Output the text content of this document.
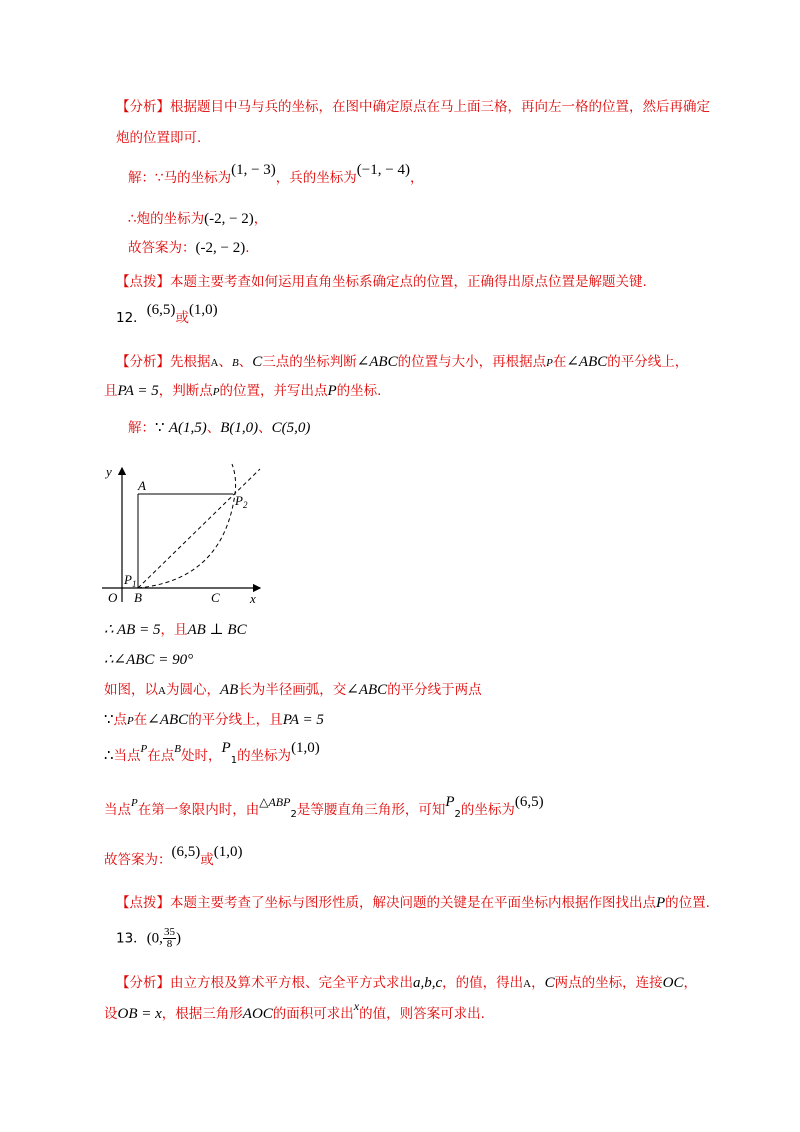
【分析】根据题目中马与兵的坐标，在图中确定原点在马上面三格，再向左一格的位置，然后再确定
炮的位置即可.
解：∵马的坐标为(1, − 3)，兵的坐标为(−1, − 4)，
∴炮的坐标为(-2, − 2)，
故答案为：(-2, − 2).
【点拨】本题主要考查如何运用直角坐标系确定点的位置，正确得出原点位置是解题关键.
12．(6,5)或(1,0)
【分析】先根据A、B、C三点的坐标判断∠ABC的位置与大小，再根据点P在∠ABC的平分线上，
且PA = 5，判断点P的位置，并写出点P的坐标.
解：∵ A(1,5)、B(1,0)、C(5,0)
y
x
A
$P_2$
$P_1$
O B	C
∴ AB = 5，且AB ⊥ BC
∴∠ABC = 90°
如图，以A为圆心，AB长为半径画弧，交∠ABC的平分线于两点
∵点P在∠ABC的平分线上，且PA = 5
∴当点$^P$在点$^B$处时，$P_1$的坐标为(1,0)
当点$^P$在第一象限内时，由$\triangle ABP_2$是等腰直角三角形，可知$P_2$的坐标为(6,5)
故答案为：(6,5)或(1,0)
【点拨】本题主要考查了坐标与图形性质，解决问题的关键是在平面坐标内根据作图找出点P的位置.
13．(0, $\frac{35}{8}$ )
【分析】由立方根及算术平方根、完全平方式求出a,b,c，的值，得出A，C两点的坐标，连接OC，
设OB = x，根据三角形AOC的面积可求出x的值，则答案可求出.
